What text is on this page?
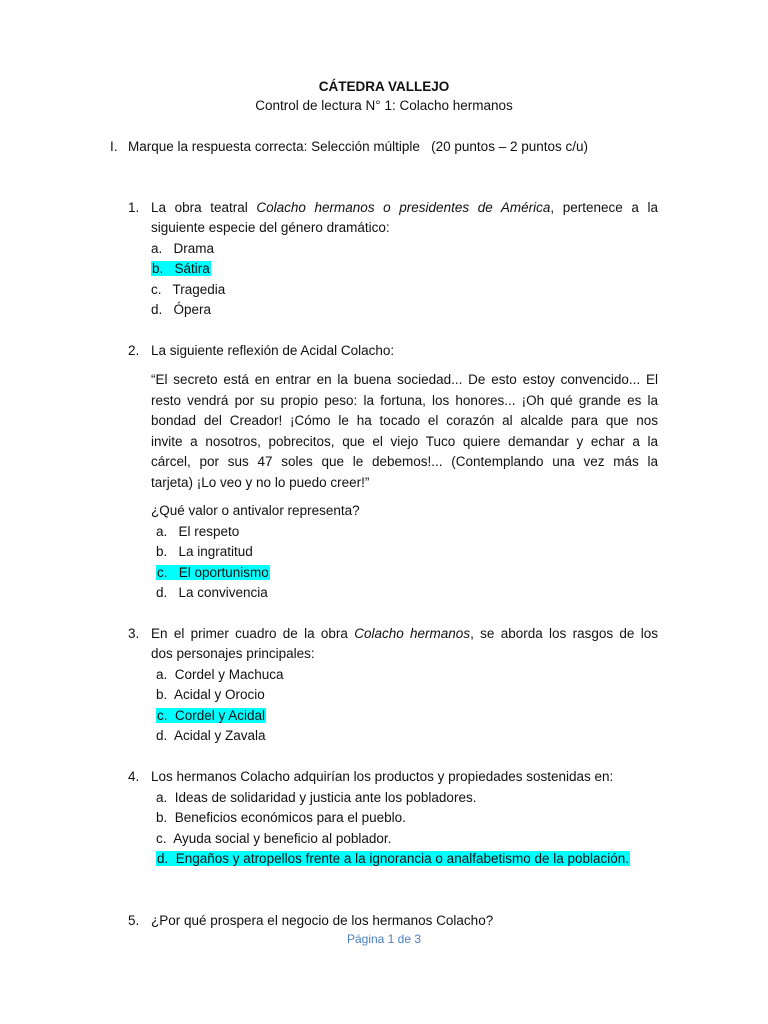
CÁTEDRA VALLEJO
Control de lectura N° 1: Colacho hermanos
I. Marque la respuesta correcta: Selección múltiple   (20 puntos – 2 puntos c/u)
1. La obra teatral Colacho hermanos o presidentes de América, pertenece a la
siguiente especie del género dramático:
a.   Drama
b.   Sátira
c.   Tragedia
d.   Ópera
2. La siguiente reflexión de Acidal Colacho:
“El secreto está en entrar en la buena sociedad... De esto estoy convencido... El
resto vendrá por su propio peso: la fortuna, los honores... ¡Oh qué grande es la
bondad del Creador! ¡Cómo le ha tocado el corazón al alcalde para que nos
invite a nosotros, pobrecitos, que el viejo Tuco quiere demandar y echar a la
cárcel, por sus 47 soles que le debemos!... (Contemplando una vez más la
tarjeta) ¡Lo veo y no lo puedo creer!”
¿Qué valor o antivalor representa?
a.   El respeto
b.   La ingratitud
c.   El oportunismo
d.   La convivencia
3. En el primer cuadro de la obra Colacho hermanos, se aborda los rasgos de los
dos personajes principales:
a.  Cordel y Machuca
b.  Acidal y Orocio
c.  Cordel y Acidal
d.  Acidal y Zavala
4. Los hermanos Colacho adquirían los productos y propiedades sostenidas en:
a.  Ideas de solidaridad y justicia ante los pobladores.
b.  Beneficios económicos para el pueblo.
c.  Ayuda social y beneficio al poblador.
d.  Engaños y atropellos frente a la ignorancia o analfabetismo de la población.
5. ¿Por qué prospera el negocio de los hermanos Colacho?
Página 1 de 3
